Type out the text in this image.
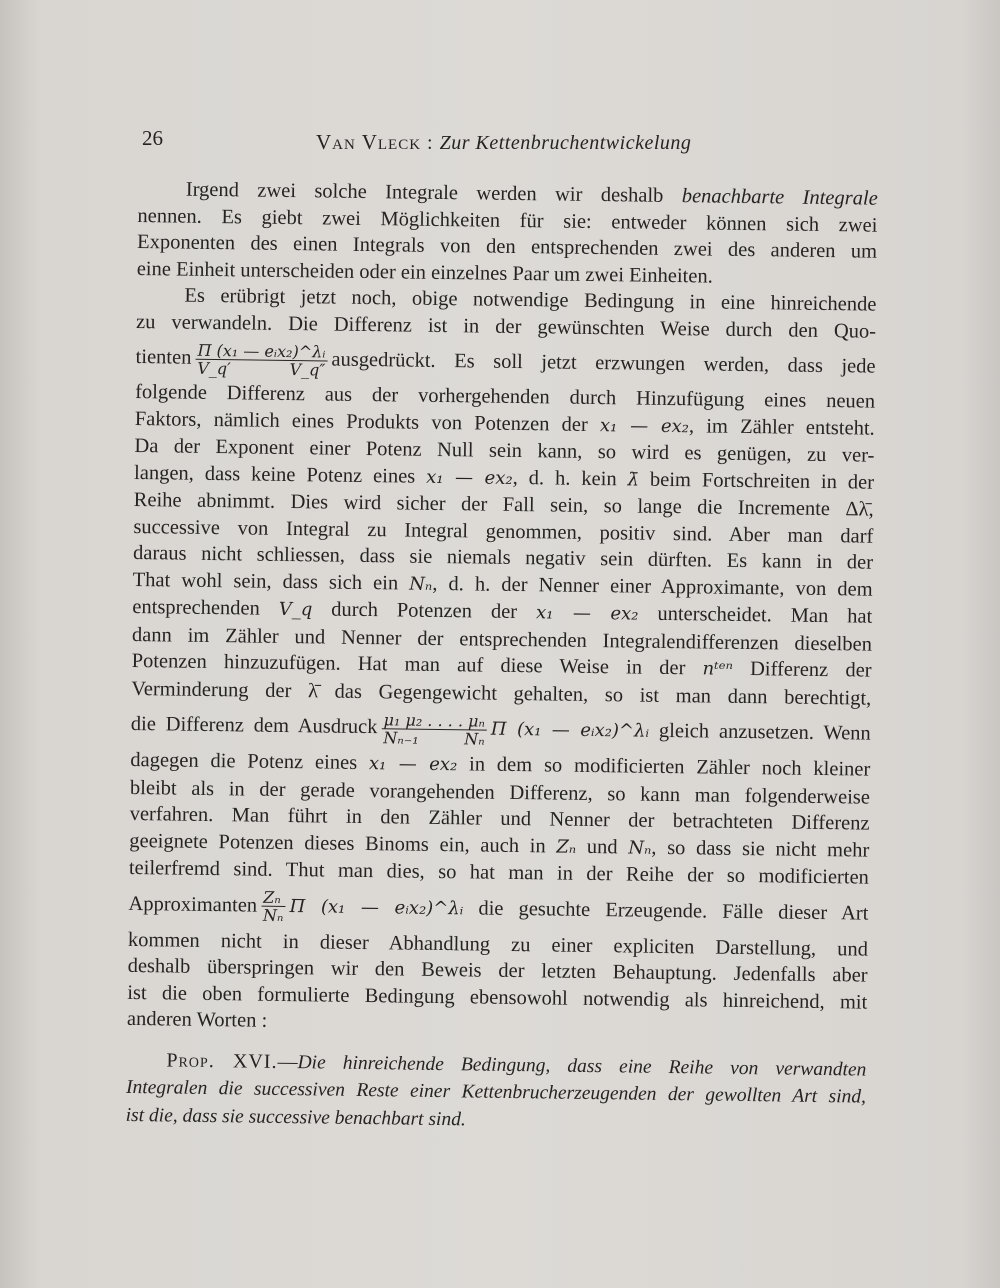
26	Van Vleck : Zur Kettenbruchentwickelung
Irgend zwei solche Integrale werden wir deshalb benachbarte Integrale
nennen. Es giebt zwei Möglichkeiten für sie: entweder können sich zwei
Exponenten des einen Integrals von den entsprechenden zwei des anderen um
eine Einheit unterscheiden oder ein einzelnes Paar um zwei Einheiten.
Es erübrigt jetzt noch, obige notwendige Bedingung in eine hinreichende
zu verwandeln. Die Differenz ist in der gewünschten Weise durch den Quo-
tienten $\frac{\text{Π (x₁ — eᵢx₂)\textasciicircum{}λᵢ}}{V\_q' V\_q''}$ ausgedrückt. Es soll jetzt erzwungen werden, dass jede
folgende Differenz aus der vorhergehenden durch Hinzufügung eines neuen
Faktors, nämlich eines Produkts von Potenzen der x₁ — ex₂, im Zähler entsteht.
Da der Exponent einer Potenz Null sein kann, so wird es genügen, zu ver-
langen, dass keine Potenz eines x₁ — ex₂, d. h. kein λ̄ beim Fortschreiten in der
Reihe abnimmt. Dies wird sicher der Fall sein, so lange die Incremente Δλ̄,
successive von Integral zu Integral genommen, positiv sind. Aber man darf
daraus nicht schliessen, dass sie niemals negativ sein dürften. Es kann in der
That wohl sein, dass sich ein Nₙ, d. h. der Nenner einer Approximante, von dem
entsprechenden V_q durch Potenzen der x₁ — ex₂ unterscheidet. Man hat
dann im Zähler und Nenner der entsprechenden Integralendifferenzen dieselben
Potenzen hinzuzufügen. Hat man auf diese Weise in der nᵗᵉⁿ Differenz der
Verminderung der λ̄ das Gegengewicht gehalten, so ist man dann berechtigt,
die Differenz dem Ausdruck $\frac{\text{μ₁ μ₂ . . . . μₙ}}{\text{Nₙ₋₁ Nₙ}}$ Π (x₁ — eᵢx₂)^λᵢ gleich anzusetzen. Wenn
dagegen die Potenz eines x₁ — ex₂ in dem so modificierten Zähler noch kleiner
bleibt als in der gerade vorangehenden Differenz, so kann man folgenderweise
verfahren. Man führt in den Zähler und Nenner der betrachteten Differenz
geeignete Potenzen dieses Binoms ein, auch in Zₙ und Nₙ, so dass sie nicht mehr
teilerfremd sind. Thut man dies, so hat man in der Reihe der so modificierten
Approximanten $\frac{\text{Zₙ}}{\text{Nₙ}}$ Π (x₁ — eᵢx₂)^λᵢ die gesuchte Erzeugende. Fälle dieser Art
kommen nicht in dieser Abhandlung zu einer expliciten Darstellung, und
deshalb überspringen wir den Beweis der letzten Behauptung. Jedenfalls aber
ist die oben formulierte Bedingung ebensowohl notwendig als hinreichend, mit
anderen Worten :
Prop. XVI.—Die hinreichende Bedingung, dass eine Reihe von verwandten
Integralen die successiven Reste einer Kettenbrucherzeugenden der gewollten Art sind,
ist die, dass sie successive benachbart sind.
